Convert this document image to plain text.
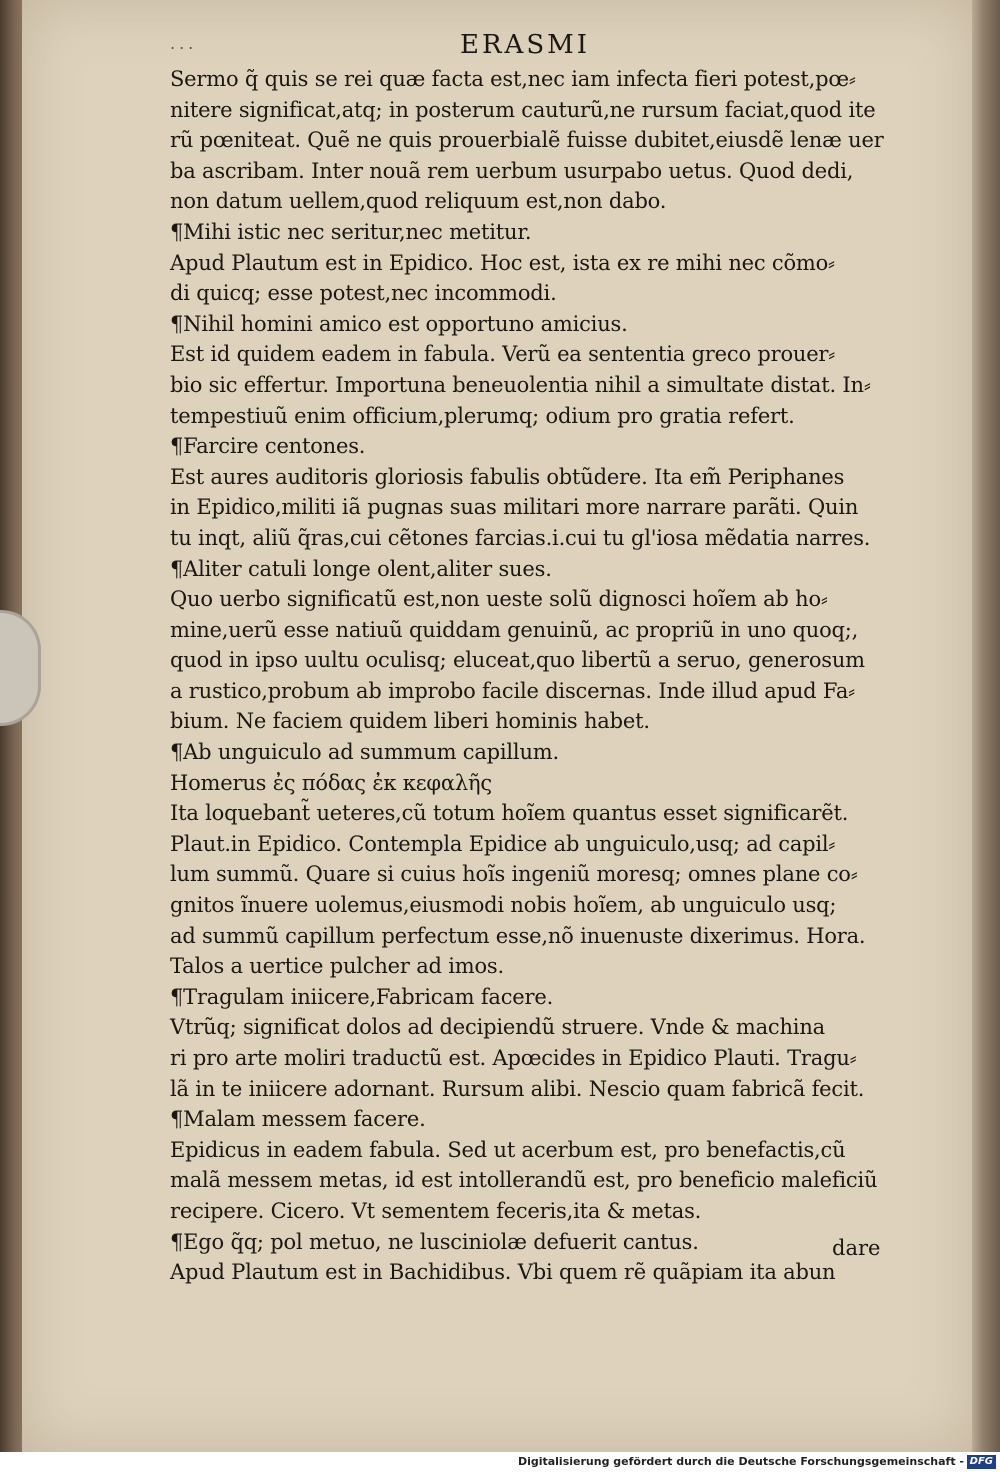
...	ERASMI
Sermo q̃ quis se rei quæ facta est,nec iam infecta fieri potest,pœ⸗
nitere significat,atq; in posterum cauturũ,ne rursum faciat,quod ite
rũ pœniteat. Quẽ ne quis prouerbialẽ fuisse dubitet,eiusdẽ lenæ uer
ba ascribam. Inter nouã rem uerbum usurpabo uetus. Quod dedi,
non datum uellem,quod reliquum est,non dabo.
¶Mihi istic nec seritur,nec metitur.
Apud Plautum est in Epidico. Hoc est, ista ex re mihi nec cõmo⸗
di quicq; esse potest,nec incommodi.
¶Nihil homini amico est opportuno amicius.
Est id quidem eadem in fabula. Verũ ea sententia greco prouer⸗
bio sic effertur. Importuna beneuolentia nihil a simultate distat. In⸗
tempestiuũ enim officium,plerumq; odium pro gratia refert.
¶Farcire centones.
Est aures auditoris gloriosis fabulis obtũdere. Ita em̃ Periphanes
in Epidico,militi iã pugnas suas militari more narrare parãti. Quin
tu inqt, aliũ q̃ras,cui cẽtones farcias.i.cui tu gl'iosa mẽdatia narres.
¶Aliter catuli longe olent,aliter sues.
Quo uerbo significatũ est,non ueste solũ dignosci hoĩem ab ho⸗
mine,uerũ esse natiuũ quiddam genuinũ, ac propriũ in uno quoq;,
quod in ipso uultu oculisq; eluceat,quo libertũ a seruo, generosum
a rustico,probum ab improbo facile discernas. Inde illud apud Fa⸗
bium. Ne faciem quidem liberi hominis habet.
¶Ab unguiculo ad summum capillum.
Homerus ἐς πόδας ἐκ κεφαλῆς
Ita loquebant̃ ueteres,cũ totum hoĩem quantus esset significarẽt.
Plaut.in Epidico. Contempla Epidice ab unguiculo,usq; ad capil⸗
lum summũ. Quare si cuius hoĩs ingeniũ moresq; omnes plane co⸗
gnitos ĩnuere uolemus,eiusmodi nobis hoĩem, ab unguiculo usq;
ad summũ capillum perfectum esse,nõ inuenuste dixerimus. Hora.
Talos a uertice pulcher ad imos.
¶Tragulam iniicere,Fabricam facere.
Vtrũq; significat dolos ad decipiendũ struere. Vnde & machina
ri pro arte moliri traductũ est. Apœcides in Epidico Plauti. Tragu⸗
lã in te iniicere adornant. Rursum alibi. Nescio quam fabricã fecit.
¶Malam messem facere.
Epidicus in eadem fabula. Sed ut acerbum est, pro benefactis,cũ
malã messem metas, id est intollerandũ est, pro beneficio maleficiũ
recipere. Cicero. Vt sementem feceris,ita & metas.
¶Ego q̃q; pol metuo, ne lusciniolæ defuerit cantus.
Apud Plautum est in Bachidibus. Vbi quem rẽ quãpiam ita abun
dare
Digitalisierung gefördert durch die Deutsche Forschungsgemeinschaft - DFG
